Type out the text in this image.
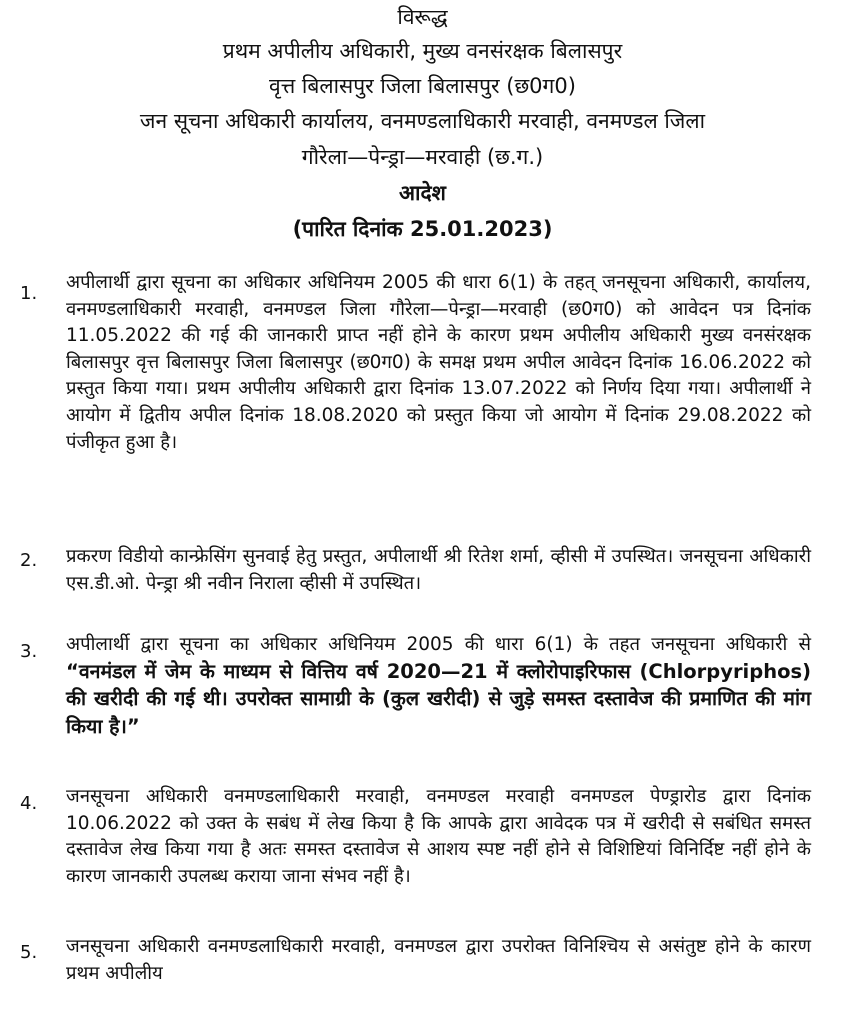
विरूद्ध
प्रथम अपीलीय अधिकारी, मुख्य वनसंरक्षक बिलासपुर
वृत्त बिलासपुर जिला बिलासपुर (छ0ग0)
जन सूचना अधिकारी कार्यालय, वनमण्डलाधिकारी मरवाही, वनमण्डल जिला
गौरेला—पेन्ड्रा—मरवाही (छ.ग.)
आदेश
(पारित दिनांक 25.01.2023)
1.
अपीलार्थी द्वारा सूचना का अधिकार अधिनियम 2005 की धारा 6(1) के तहत् जनसूचना अधिकारी, कार्यालय, वनमण्डलाधिकारी मरवाही, वनमण्डल जिला गौरेला—पेन्ड्रा—मरवाही (छ0ग0) को आवेदन पत्र दिनांक 11.05.2022 की गई की जानकारी प्राप्त नहीं होने के कारण प्रथम अपीलीय अधिकारी मुख्य वनसंरक्षक बिलासपुर वृत्त बिलासपुर जिला बिलासपुर (छ0ग0) के समक्ष प्रथम अपील आवेदन दिनांक 16.06.2022 को प्रस्तुत किया गया। प्रथम अपीलीय अधिकारी द्वारा दिनांक 13.07.2022 को निर्णय दिया गया। अपीलार्थी ने आयोग में द्वितीय अपील दिनांक 18.08.2020 को प्रस्तुत किया जो आयोग में दिनांक 29.08.2022 को पंजीकृत हुआ है।
2. प्रकरण विडीयो कान्फ्रेसिंग सुनवाई हेतु प्रस्तुत, अपीलार्थी श्री रितेश शर्मा, व्हीसी में उपस्थित। जनसूचना अधिकारी एस.डी.ओ. पेन्ड्रा श्री नवीन निराला व्हीसी में उपस्थित।
3. अपीलार्थी द्वारा सूचना का अधिकार अधिनियम 2005 की धारा 6(1) के तहत जनसूचना अधिकारी से “वनमंडल में जेम के माध्यम से वित्तिय वर्ष 2020—21 में क्लोरोपाइरिफास (Chlorpyriphos) की खरीदी की गई थी। उपरोक्त सामाग्री के (कुल खरीदी) से जुड़े समस्त दस्तावेज की प्रमाणित की मांग किया है।”
4. जनसूचना अधिकारी वनमण्डलाधिकारी मरवाही, वनमण्डल मरवाही वनमण्डल पेण्ड्रारोड द्वारा दिनांक 10.06.2022 को उक्त के सबंध में लेख किया है कि आपके द्वारा आवेदक पत्र में खरीदी से सबंधित समस्त दस्तावेज लेख किया गया है अतः समस्त दस्तावेज से आशय स्पष्ट नहीं होने से विशिष्टियां विनिर्दिष्ट नहीं होने के कारण जानकारी उपलब्ध कराया जाना संभव नहीं है।
5. जनसूचना अधिकारी वनमण्डलाधिकारी मरवाही, वनमण्डल द्वारा उपरोक्त विनिश्चिय से असंतुष्ट होने के कारण प्रथम अपीलीय
